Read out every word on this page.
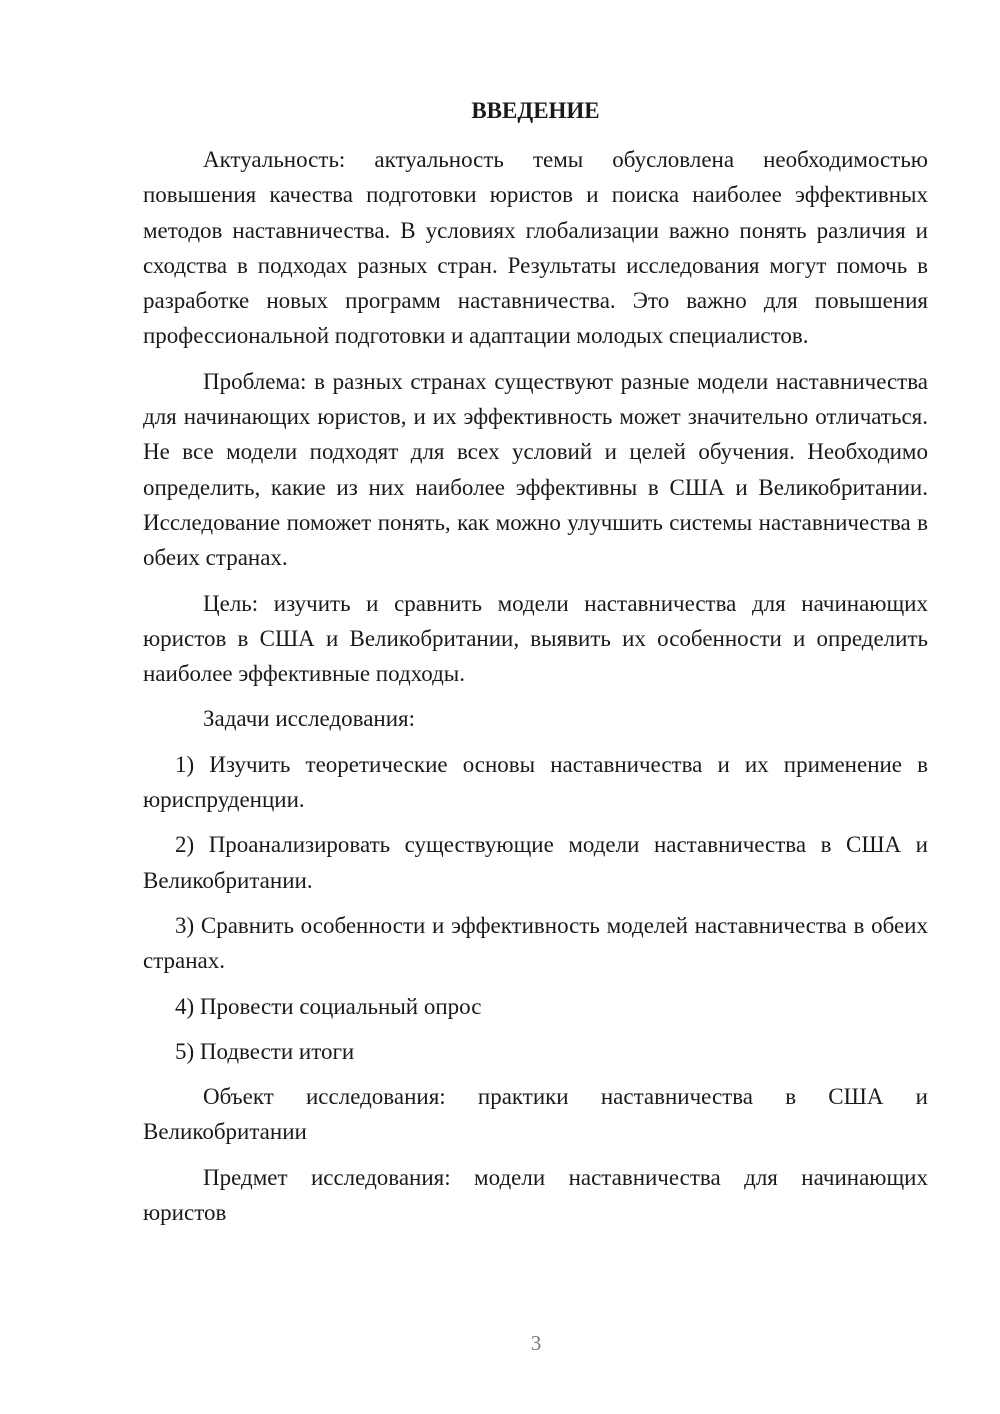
ВВЕДЕНИЕ

Актуальность: актуальность темы обусловлена необходимостью повышения качества подготовки юристов и поиска наиболее эффективных методов наставничества. В условиях глобализации важно понять различия и сходства в подходах разных стран. Результаты исследования могут помочь в разработке новых программ наставничества. Это важно для повышения профессиональной подготовки и адаптации молодых специалистов.

Проблема: в разных странах существуют разные модели наставничества для начинающих юристов, и их эффективность может значительно отличаться. Не все модели подходят для всех условий и целей обучения. Необходимо определить, какие из них наиболее эффективны в США и Великобритании. Исследование поможет понять, как можно улучшить системы наставничества в обеих странах.

Цель: изучить и сравнить модели наставничества для начинающих юристов в США и Великобритании, выявить их особенности и определить наиболее эффективные подходы.

Задачи исследования:

1) Изучить теоретические основы наставничества и их применение в юриспруденции.

2) Проанализировать существующие модели наставничества в США и Великобритании.

3) Сравнить особенности и эффективность моделей наставничества в обеих странах.

4) Провести социальный опрос

5) Подвести итоги

Объект исследования: практики наставничества в США и Великобритании

Предмет исследования: модели наставничества для начинающих юристов

3
